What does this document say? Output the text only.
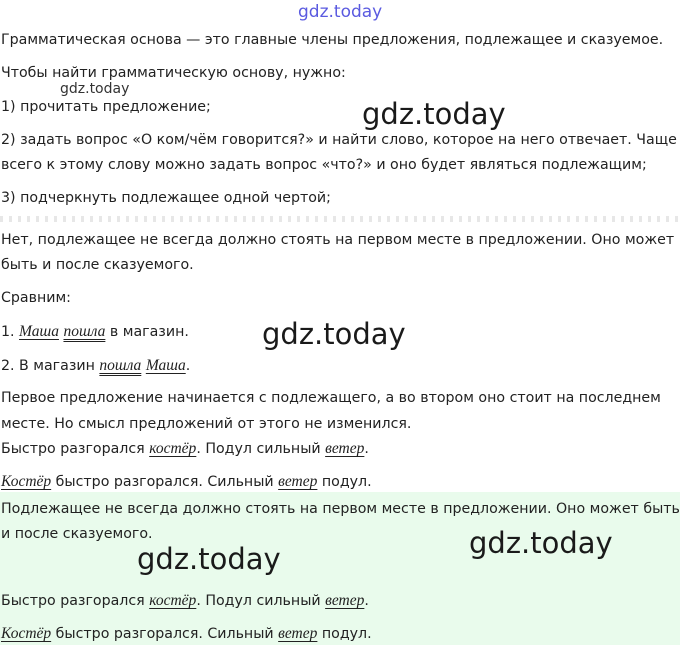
gdz.today
gdz.today
gdz.today
gdz.today
gdz.today	gdz.today

Грамматическая основа — это главные члены предложения, подлежащее и сказуемое.

Чтобы найти грамматическую основу, нужно:

1) прочитать предложение;

2) задать вопрос «О ком/чём говорится?» и найти слово, которое на него отвечает. Чаще

всего к этому слову можно задать вопрос «что?» и оно будет являться подлежащим;

3) подчеркнуть подлежащее одной чертой;

Нет, подлежащее не всегда должно стоять на первом месте в предложении. Оно может

быть и после сказуемого.

Сравним:

1. Маша пошла в магазин.

2. В магазин пошла Маша.

Первое предложение начинается с подлежащего, а во втором оно стоит на последнем

месте. Но смысл предложений от этого не изменился.

Быстро разгорался костёр. Подул сильный ветер.

Костёр быстро разгорался. Сильный ветер подул.

Подлежащее не всегда должно стоять на первом месте в предложении. Оно может быть

и после сказуемого.

Быстро разгорался костёр. Подул сильный ветер.

Костёр быстро разгорался. Сильный ветер подул.
